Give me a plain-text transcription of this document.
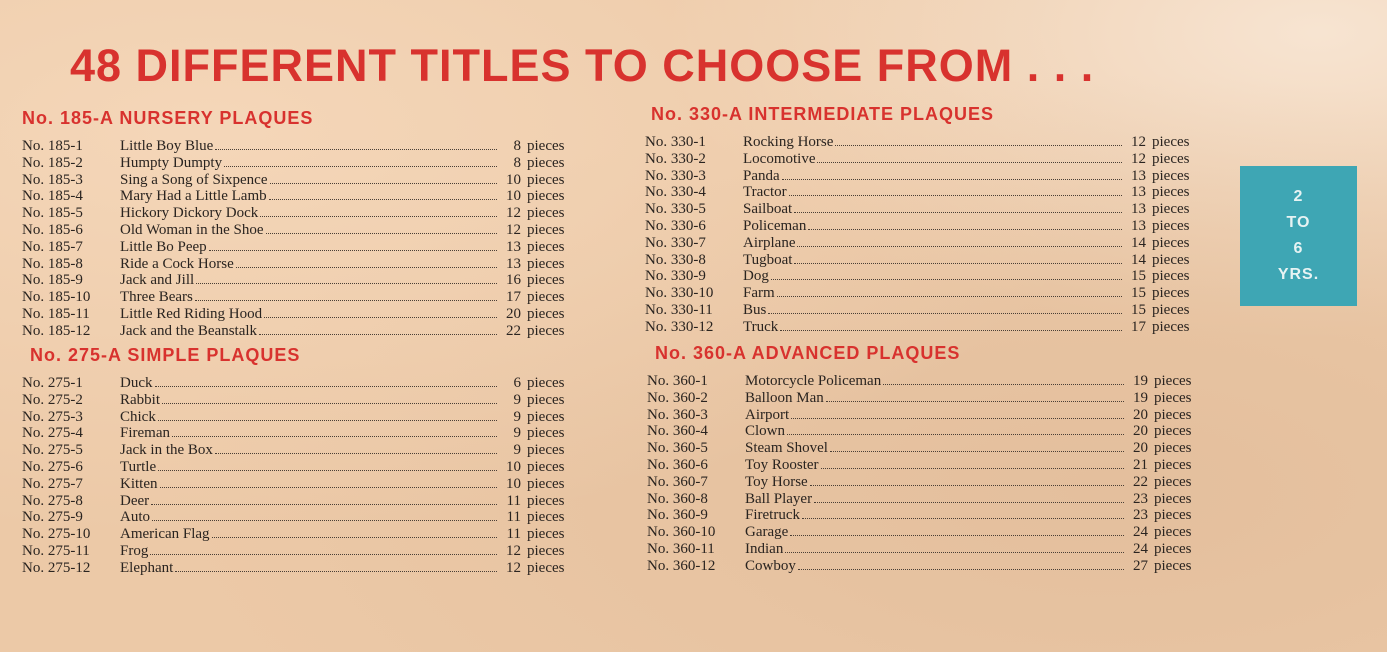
48 DIFFERENT TITLES TO CHOOSE FROM . . .
No. 185-A NURSERY PLAQUES
No. 185-1	Little Boy Blue	8 pieces
No. 185-2	Humpty Dumpty	8 pieces
No. 185-3	Sing a Song of Sixpence	10 pieces
No. 185-4	Mary Had a Little Lamb	10 pieces
No. 185-5	Hickory Dickory Dock	12 pieces
No. 185-6	Old Woman in the Shoe	12 pieces
No. 185-7	Little Bo Peep	13 pieces
No. 185-8	Ride a Cock Horse	13 pieces
No. 185-9	Jack and Jill	16 pieces
No. 185-10	Three Bears	17 pieces
No. 185-11	Little Red Riding Hood	20 pieces
No. 185-12	Jack and the Beanstalk	22 pieces
No. 275-A SIMPLE PLAQUES
No. 275-1	Duck	6 pieces
No. 275-2	Rabbit	9 pieces
No. 275-3	Chick	9 pieces
No. 275-4	Fireman	9 pieces
No. 275-5	Jack in the Box	9 pieces
No. 275-6	Turtle	10 pieces
No. 275-7	Kitten	10 pieces
No. 275-8	Deer	11 pieces
No. 275-9	Auto	11 pieces
No. 275-10	American Flag	11 pieces
No. 275-11	Frog	12 pieces
No. 275-12	Elephant	12 pieces
No. 330-A INTERMEDIATE PLAQUES
No. 330-1	Rocking Horse	12 pieces
No. 330-2	Locomotive	12 pieces
No. 330-3	Panda	13 pieces
No. 330-4	Tractor	13 pieces
No. 330-5	Sailboat	13 pieces
No. 330-6	Policeman	13 pieces
No. 330-7	Airplane	14 pieces
No. 330-8	Tugboat	14 pieces
No. 330-9	Dog	15 pieces
No. 330-10	Farm	15 pieces
No. 330-11	Bus	15 pieces
No. 330-12	Truck	17 pieces
No. 360-A ADVANCED PLAQUES
No. 360-1	Motorcycle Policeman	19 pieces
No. 360-2	Balloon Man	19 pieces
No. 360-3	Airport	20 pieces
No. 360-4	Clown	20 pieces
No. 360-5	Steam Shovel	20 pieces
No. 360-6	Toy Rooster	21 pieces
No. 360-7	Toy Horse	22 pieces
No. 360-8	Ball Player	23 pieces
No. 360-9	Firetruck	23 pieces
No. 360-10	Garage	24 pieces
No. 360-11	Indian	24 pieces
No. 360-12	Cowboy	27 pieces
2
TO
6
YRS.
